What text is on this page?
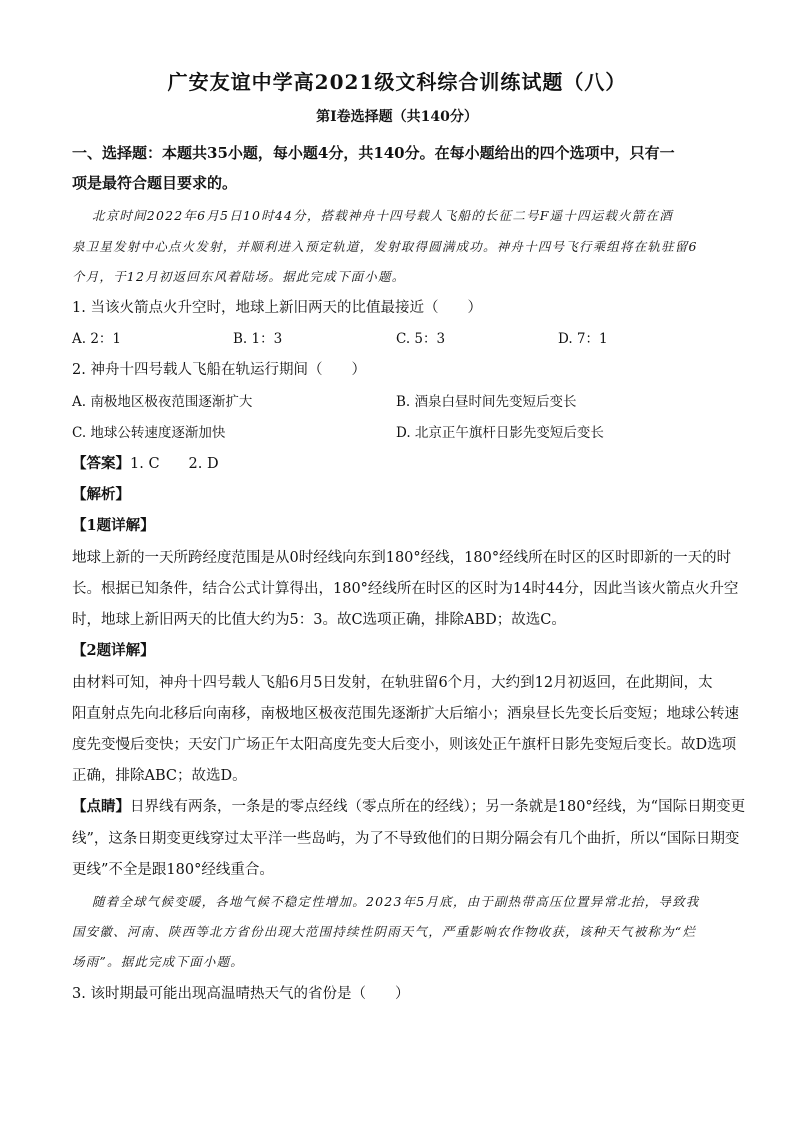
广安友谊中学高2021级文科综合训练试题（八）
第Ⅰ卷选择题（共140分）
一、选择题：本题共35小题，每小题4分，共140分。在每小题给出的四个选项中，只有一
项是最符合题目要求的。
北京时间2022年6月5日10时44分，搭载神舟十四号载人飞船的长征二号F遥十四运载火箭在酒
泉卫星发射中心点火发射，并顺利进入预定轨道，发射取得圆满成功。神舟十四号飞行乘组将在轨驻留6
个月，于12月初返回东风着陆场。据此完成下面小题。
1. 当该火箭点火升空时，地球上新旧两天的比值最接近（　　）
A. 2：1	B. 1：3	C. 5：3	D. 7：1
2. 神舟十四号载人飞船在轨运行期间（　　）
A. 南极地区极夜范围逐渐扩大	B. 酒泉白昼时间先变短后变长
C. 地球公转速度逐渐加快	D. 北京正午旗杆日影先变短后变长
【答案】1. C　　2. D
【解析】
【1题详解】
地球上新的一天所跨经度范围是从0时经线向东到180°经线，180°经线所在时区的区时即新的一天的时
长。根据已知条件，结合公式计算得出，180°经线所在时区的区时为14时44分，因此当该火箭点火升空
时，地球上新旧两天的比值大约为5：3。故C选项正确，排除ABD；故选C。
【2题详解】
由材料可知，神舟十四号载人飞船6月5日发射，在轨驻留6个月，大约到12月初返回，在此期间，太
阳直射点先向北移后向南移，南极地区极夜范围先逐渐扩大后缩小；酒泉昼长先变长后变短；地球公转速
度先变慢后变快；天安门广场正午太阳高度先变大后变小，则该处正午旗杆日影先变短后变长。故D选项
正确，排除ABC；故选D。
【点睛】日界线有两条，一条是的零点经线（零点所在的经线）；另一条就是180°经线，为“国际日期变更
线”，这条日期变更线穿过太平洋一些岛屿，为了不导致他们的日期分隔会有几个曲折，所以“国际日期变
更线”不全是跟180°经线重合。
随着全球气候变暖，各地气候不稳定性增加。2023年5月底，由于副热带高压位置异常北抬，导致我
国安徽、河南、陕西等北方省份出现大范围持续性阴雨天气，严重影响农作物收获，该种天气被称为“烂
场雨”。据此完成下面小题。
3. 该时期最可能出现高温晴热天气的省份是（　　）
